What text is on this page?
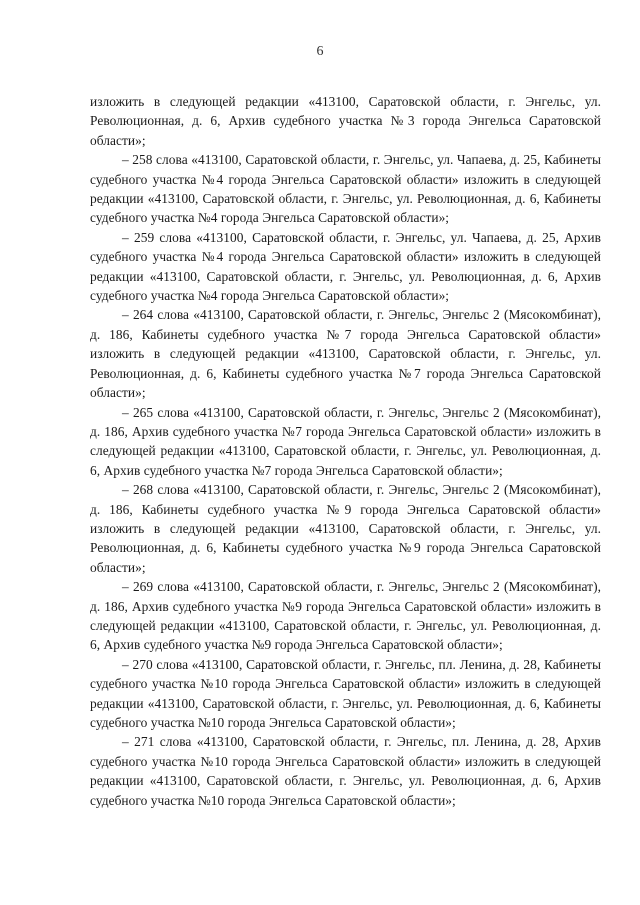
6

изложить в следующей редакции «413100, Саратовской области, г. Энгельс, ул. Революционная, д. 6, Архив судебного участка №3 города Энгельса Саратовской области»;

– 258 слова «413100, Саратовской области, г. Энгельс, ул. Чапаева, д. 25, Кабинеты судебного участка №4 города Энгельса Саратовской области» изложить в следующей редакции «413100, Саратовской области, г. Энгельс, ул. Революционная, д. 6, Кабинеты судебного участка №4 города Энгельса Саратовской области»;

– 259 слова «413100, Саратовской области, г. Энгельс, ул. Чапаева, д. 25, Архив судебного участка №4 города Энгельса Саратовской области» изложить в следующей редакции «413100, Саратовской области, г. Энгельс, ул. Революционная, д. 6, Архив судебного участка №4 города Энгельса Саратовской области»;

– 264 слова «413100, Саратовской области, г. Энгельс, Энгельс 2 (Мясокомбинат), д. 186, Кабинеты судебного участка №7 города Энгельса Саратовской области» изложить в следующей редакции «413100, Саратовской области, г. Энгельс, ул. Революционная, д. 6, Кабинеты судебного участка №7 города Энгельса Саратовской области»;

– 265 слова «413100, Саратовской области, г. Энгельс, Энгельс 2 (Мясокомбинат), д. 186, Архив судебного участка №7 города Энгельса Саратовской области» изложить в следующей редакции «413100, Саратовской области, г. Энгельс, ул. Революционная, д. 6, Архив судебного участка №7 города Энгельса Саратовской области»;

– 268 слова «413100, Саратовской области, г. Энгельс, Энгельс 2 (Мясокомбинат), д. 186, Кабинеты судебного участка №9 города Энгельса Саратовской области» изложить в следующей редакции «413100, Саратовской области, г. Энгельс, ул. Революционная, д. 6, Кабинеты судебного участка №9 города Энгельса Саратовской области»;

– 269 слова «413100, Саратовской области, г. Энгельс, Энгельс 2 (Мясокомбинат), д. 186, Архив судебного участка №9 города Энгельса Саратовской области» изложить в следующей редакции «413100, Саратовской области, г. Энгельс, ул. Революционная, д. 6, Архив судебного участка №9 города Энгельса Саратовской области»;

– 270 слова «413100, Саратовской области, г. Энгельс, пл. Ленина, д. 28, Кабинеты судебного участка №10 города Энгельса Саратовской области» изложить в следующей редакции «413100, Саратовской области, г. Энгельс, ул. Революционная, д. 6, Кабинеты судебного участка №10 города Энгельса Саратовской области»;

– 271 слова «413100, Саратовской области, г. Энгельс, пл. Ленина, д. 28, Архив судебного участка №10 города Энгельса Саратовской области» изложить в следующей редакции «413100, Саратовской области, г. Энгельс, ул. Революционная, д. 6, Архив судебного участка №10 города Энгельса Саратовской области»;
